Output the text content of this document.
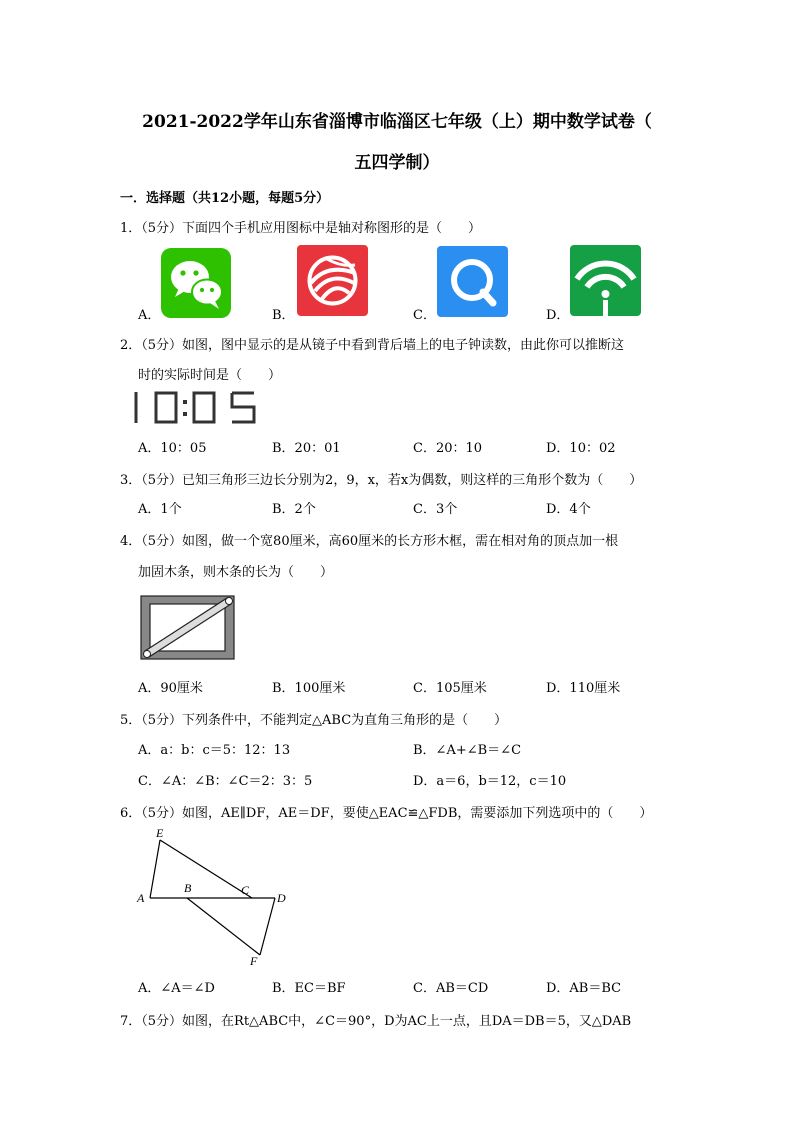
2021-2022学年山东省淄博市临淄区七年级（上）期中数学试卷（
五四学制）
一．选择题（共12小题，每题5分）
1．（5分）下面四个手机应用图标中是轴对称图形的是（　　）
A．	B．	C．	D．
2．（5分）如图，图中显示的是从镜子中看到背后墙上的电子钟读数，由此你可以推断这
时的实际时间是（　　）
A．10：05	B．20：01	C．20：10	D．10：02
3．（5分）已知三角形三边长分别为2，9，x，若x为偶数，则这样的三角形个数为（　　）
A．1个	B．2个	C．3个	D．4个
4．（5分）如图，做一个宽80厘米，高60厘米的长方形木框，需在相对角的顶点加一根
加固木条，则木条的长为（　　）
A．90厘米	B．100厘米	C．105厘米	D．110厘米
5．（5分）下列条件中，不能判定△ABC为直角三角形的是（　　）
A．a：b：c＝5：12：13	B．∠A+∠B＝∠C
C．∠A：∠B：∠C＝2：3：5	D．a＝6，b＝12，c＝10
6．（5分）如图，AE∥DF，AE＝DF，要使△EAC≌△FDB，需要添加下列选项中的（　　）
E
A
B	C
D
F
A．∠A＝∠D	B．EC＝BF	C．AB＝CD	D．AB＝BC
7．（5分）如图，在Rt△ABC中，∠C＝90°，D为AC上一点，且DA＝DB＝5，又△DAB
